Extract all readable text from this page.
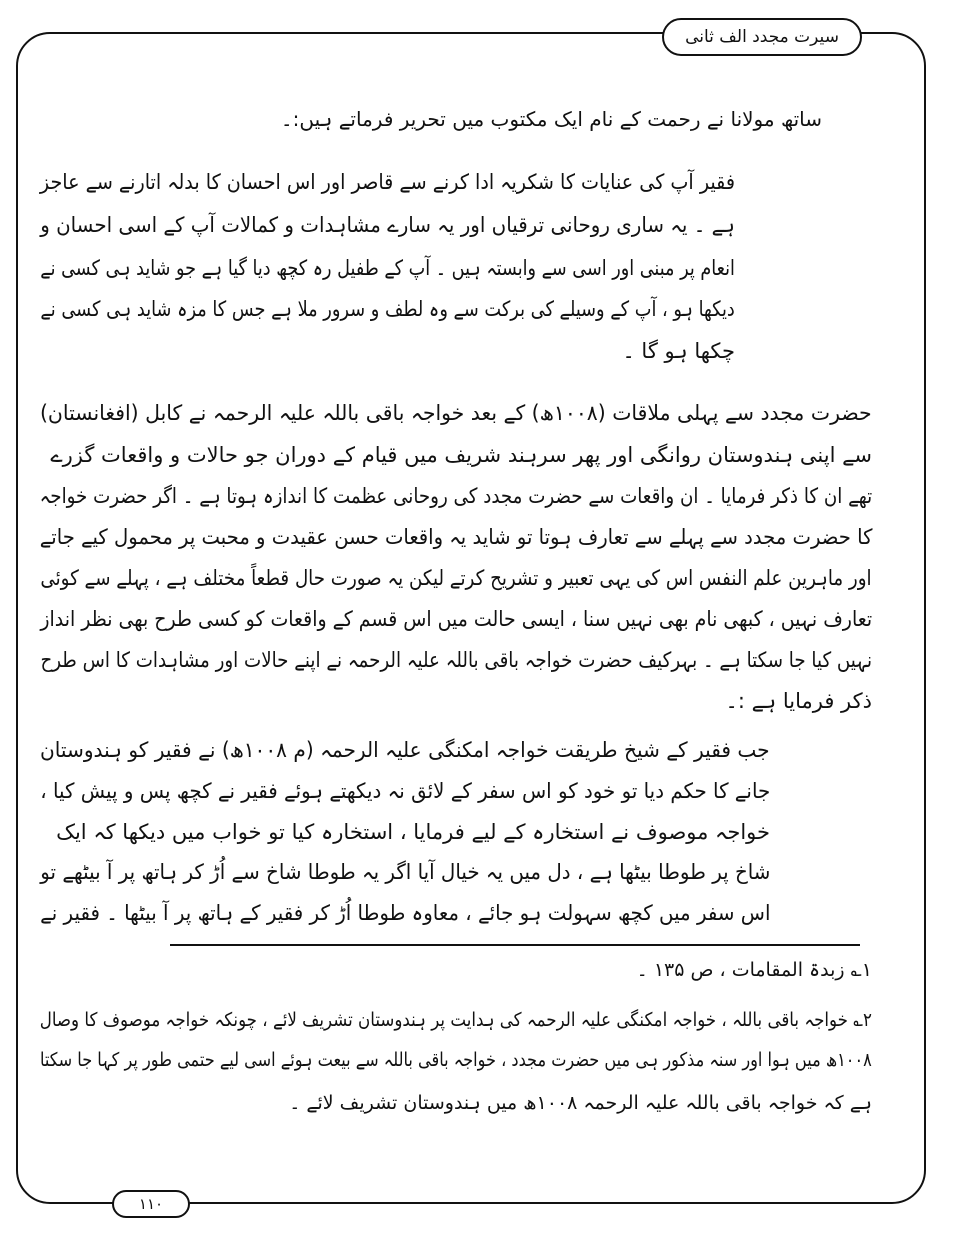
سیرت مجدد الف ثانی
ساتھ مولانا نے رحمت کے نام ایک مکتوب میں تحریر فرماتے ہیں:۔
فقیر آپ کی عنایات کا شکریہ ادا کرنے سے قاصر اور اس احسان کا بدلہ اتارنے سے عاجز
ہے ۔ یہ ساری روحانی ترقیاں اور یہ سارے مشاہدات و کمالات آپ کے اسی احسان و
انعام پر مبنی اور اسی سے وابستہ ہیں ۔ آپ کے طفیل رہ کچھ دیا گیا ہے جو شاید ہی کسی نے
دیکھا ہو ، آپ کے وسیلے کی برکت سے وہ لطف و سرور ملا ہے جس کا مزہ شاید ہی کسی نے
چکھا ہو گا ۔
حضرت مجدد سے پہلی ملاقات (۱۰۰۸ھ) کے بعد خواجہ باقی باللہ علیہ الرحمہ نے کابل (افغانستان)
سے اپنی ہندوستان روانگی اور پھر سرہند شریف میں قیام کے دوران جو حالات و واقعات گزرے
تھے ان کا ذکر فرمایا ۔ ان واقعات سے حضرت مجدد کی روحانی عظمت کا اندازہ ہوتا ہے ۔ اگر حضرت خواجہ
کا حضرت مجدد سے پہلے سے تعارف ہوتا تو شاید یہ واقعات حسن عقیدت و محبت پر محمول کیے جاتے
اور ماہرین علم النفس اس کی یہی تعبیر و تشریح کرتے لیکن یہ صورت حال قطعاً مختلف ہے ، پہلے سے کوئی
تعارف نہیں ، کبھی نام بھی نہیں سنا ، ایسی حالت میں اس قسم کے واقعات کو کسی طرح بھی نظر انداز
نہیں کیا جا سکتا ہے ۔ بہرکیف حضرت خواجہ باقی باللہ علیہ الرحمہ نے اپنے حالات اور مشاہدات کا اس طرح
ذکر فرمایا ہے :۔
جب فقیر کے شیخ طریقت خواجہ امکنگی علیہ الرحمہ (م ۱۰۰۸ھ) نے فقیر کو ہندوستان
جانے کا حکم دیا تو خود کو اس سفر کے لائق نہ دیکھتے ہوئے فقیر نے کچھ پس و پیش کیا ،
خواجہ موصوف نے استخارہ کے لیے فرمایا ، استخارہ کیا تو خواب میں دیکھا کہ ایک
شاخ پر طوطا بیٹھا ہے ، دل میں یہ خیال آیا اگر یہ طوطا شاخ سے اُڑ کر ہاتھ پر آ بیٹھے تو
اس سفر میں کچھ سہولت ہو جائے ، معاوہ طوطا اُڑ کر فقیر کے ہاتھ پر آ بیٹھا ۔ فقیر نے
۱؎ زبدۃ المقامات ، ص ۱۳۵ ۔
۲؎ خواجہ باقی باللہ ، خواجہ امکنگی علیہ الرحمہ کی ہدایت پر ہندوستان تشریف لائے ، چونکہ خواجہ موصوف کا وصال
۱۰۰۸ھ میں ہوا اور سنہ مذکور ہی میں حضرت مجدد ، خواجہ باقی باللہ سے بیعت ہوئے اسی لیے حتمی طور پر کہا جا سکتا
ہے کہ خواجہ باقی باللہ علیہ الرحمہ ۱۰۰۸ھ میں ہندوستان تشریف لائے ۔
۱۱۰
